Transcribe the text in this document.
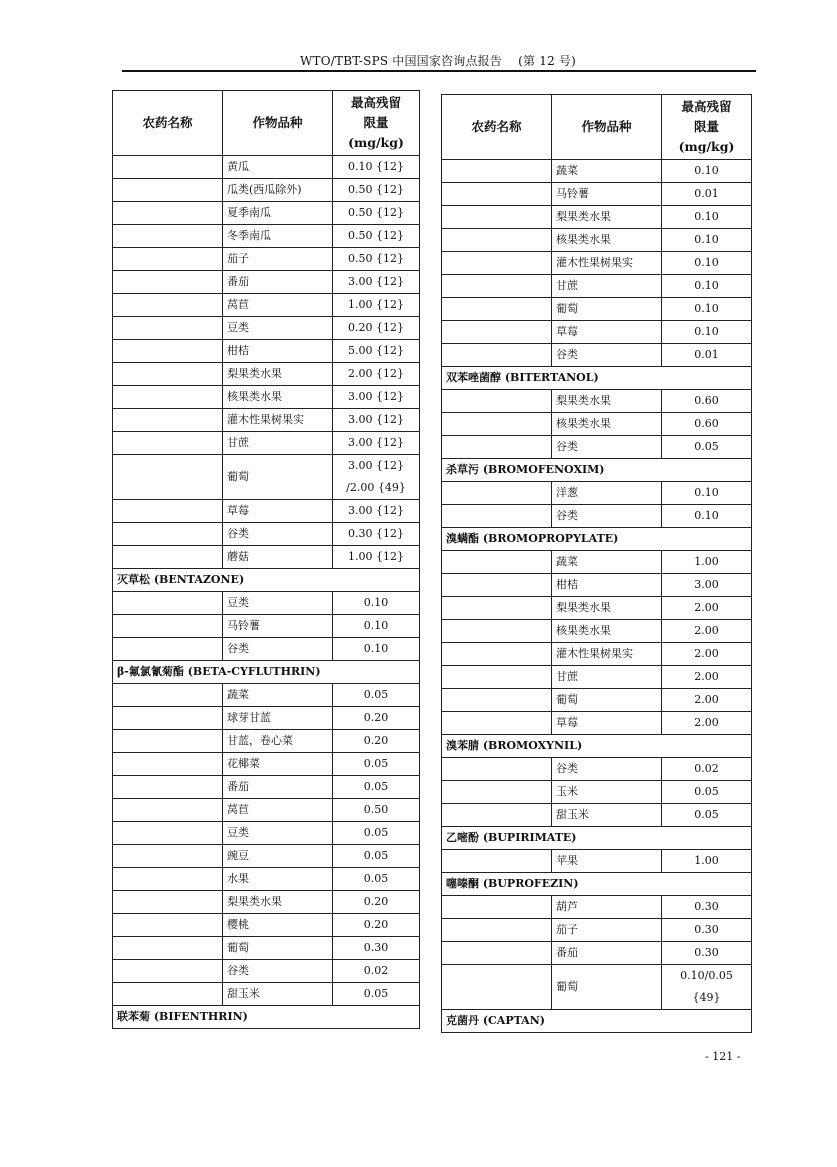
WTO/TBT-SPS 中国国家咨询点报告 (第 12 号)
农药名称	作物品种	最高残留
限量
(mg/kg)

	黄瓜	0.10 {12}
	瓜类(西瓜除外)	0.50 {12}
	夏季南瓜	0.50 {12}
	冬季南瓜	0.50 {12}
	茄子	0.50 {12}
	番茄	3.00 {12}
	莴苣	1.00 {12}
	豆类	0.20 {12}
	柑桔	5.00 {12}
	梨果类水果	2.00 {12}
	核果类水果	3.00 {12}
	灌木性果树果实	3.00 {12}
	甘蔗	3.00 {12}
	葡萄	3.00 {12}
/2.00 {49}

	草莓	3.00 {12}
	谷类	0.30 {12}
	蘑菇	1.00 {12}
灭草松 (BENTAZONE)		
	豆类	0.10
	马铃薯	0.10
	谷类	0.10
β-氟氯氰菊酯 (BETA-CYFLUTHRIN)		
	蔬菜	0.05
	球芽甘蓝	0.20
	甘蓝，卷心菜	0.20
	花椰菜	0.05
	番茄	0.05
	莴苣	0.50
	豆类	0.05
	豌豆	0.05
	水果	0.05
	梨果类水果	0.20
	樱桃	0.20
	葡萄	0.30
	谷类	0.02
	甜玉米	0.05
联苯菊 (BIFENTHRIN)		
农药名称	作物品种	最高残留
限量
(mg/kg)

	蔬菜	0.10
	马铃薯	0.01
	梨果类水果	0.10
	核果类水果	0.10
	灌木性果树果实	0.10
	甘蔗	0.10
	葡萄	0.10
	草莓	0.10
	谷类	0.01
双苯唑菌醇 (BITERTANOL)		
	梨果类水果	0.60
	核果类水果	0.60
	谷类	0.05
杀草污 (BROMOFENOXIM)		
	洋葱	0.10
	谷类	0.10
溴螨酯 (BROMOPROPYLATE)		
	蔬菜	1.00
	柑桔	3.00
	梨果类水果	2.00
	核果类水果	2.00
	灌木性果树果实	2.00
	甘蔗	2.00
	葡萄	2.00
	草莓	2.00
溴苯腈 (BROMOXYNIL)		
	谷类	0.02
	玉米	0.05
	甜玉米	0.05
乙嘧酚 (BUPIRIMATE)		
	苹果	1.00
噻嗪酮 (BUPROFEZIN)		
	葫芦	0.30
	茄子	0.30
	番茄	0.30
	葡萄	0.10/0.05
{49}

克菌丹 (CAPTAN)		
- 121 -
